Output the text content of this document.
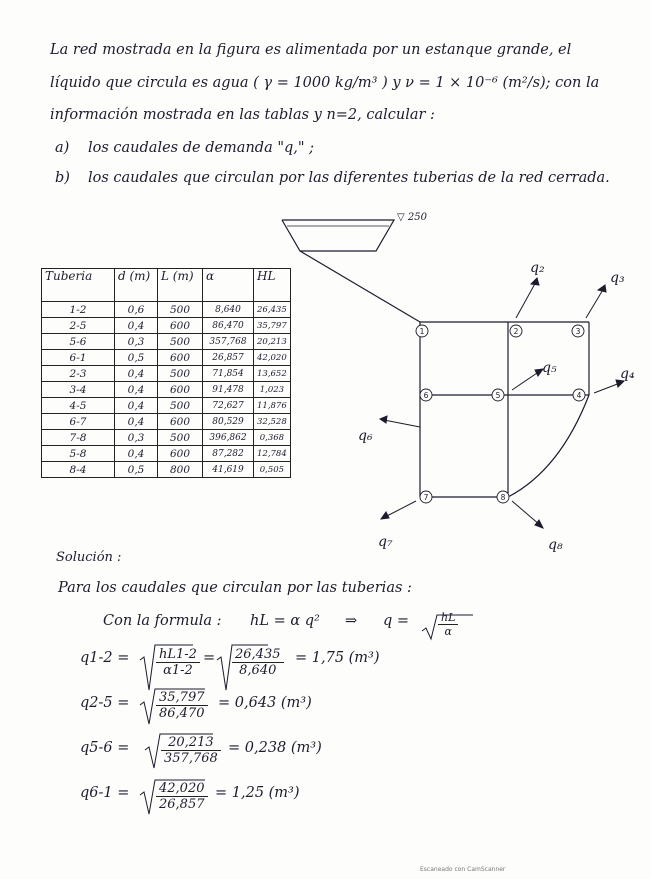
La red mostrada en la figura es alimentada por un estanque grande, el
líquido que circula es agua ( γ = 1000 kg/m³ ) y ν = 1 × 10⁻⁶ (m²/s); con la
información mostrada en las tablas y n=2, calcular :
a) los caudales de demanda "q," ;
b) los caudales que circulan por las diferentes tuberias de la red cerrada.
Tuberia	d (m)	L (m)	α	HL
1-2	0,6	500	8,640	26,435
2-5	0,4	600	86,470	35,797
5-6	0,3	500	357,768	20,213
6-1	0,5	600	26,857	42,020
2-3	0,4	500	71,854	13,652
3-4	0,4	600	91,478	1,023
4-5	0,4	500	72,627	11,876
6-7	0,4	600	80,529	32,528
7-8	0,3	500	396,862	0,368
5-8	0,4	600	87,282	12,784
8-4	0,5	800	41,619	0,505
1	2	3
4
5
6
7	8
▽ 250
q₂
q₃
q₄
q₅
q₆
q₇	q₈
Solución :
Para los caudales que circulan por las tuberias :
Con la formula : hL = α q² ⇒ q =	$\frac{hL}{\alpha}$
$q1-2 = \frac{hL1-2}{\alpha 1-2} = \frac{26,435}{8,640} = 1,75$ (m³)
$q2-5 = \frac{35,797}{86,470} = 0,643$ (m³)
$q5-6 = \frac{20,213}{357,768} = 0,238$ (m³)
$q6-1 = \frac{42,020}{26,857} = 1,25$ (m³)
Escaneado con CamScanner
